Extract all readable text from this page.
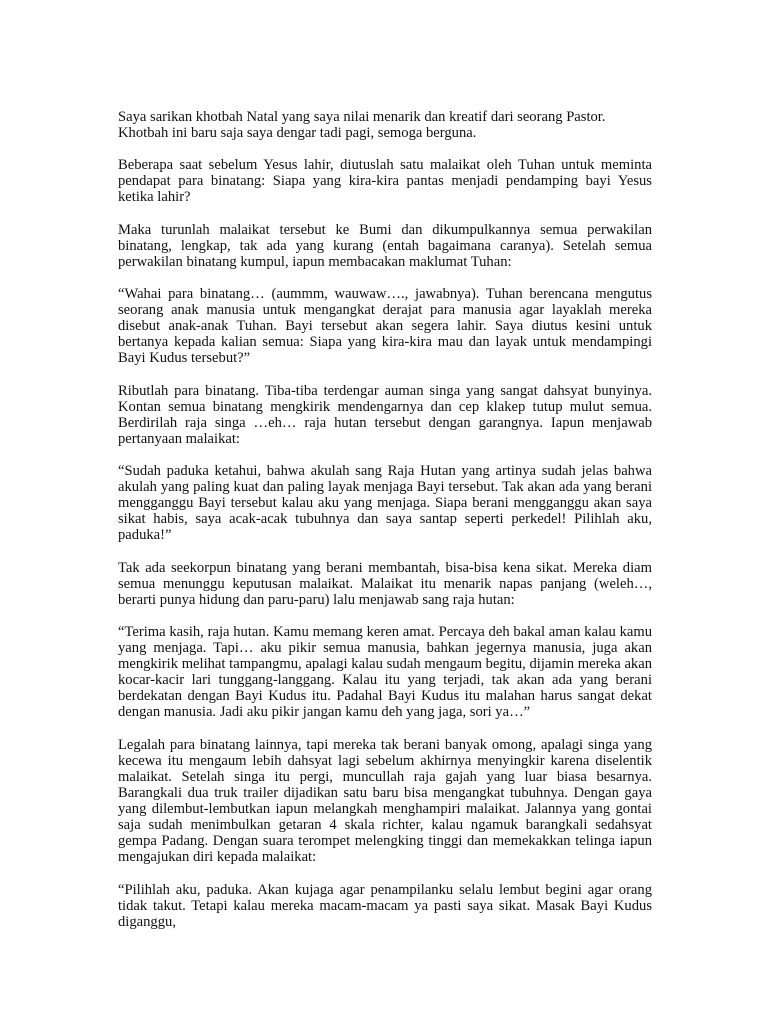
Saya sarikan khotbah Natal yang saya nilai menarik dan kreatif dari seorang Pastor. Khotbah ini baru saja saya dengar tadi pagi, semoga berguna.

Beberapa saat sebelum Yesus lahir, diutuslah satu malaikat oleh Tuhan untuk meminta pendapat para binatang: Siapa yang kira-kira pantas menjadi pendamping bayi Yesus ketika lahir?

Maka turunlah malaikat tersebut ke Bumi dan dikumpulkannya semua perwakilan binatang, lengkap, tak ada yang kurang (entah bagaimana caranya). Setelah semua perwakilan binatang kumpul, iapun membacakan maklumat Tuhan:

“Wahai para binatang… (aummm, wauwaw…., jawabnya). Tuhan berencana mengutus seorang anak manusia untuk mengangkat derajat para manusia agar layaklah mereka disebut anak-anak Tuhan. Bayi tersebut akan segera lahir. Saya diutus kesini untuk bertanya kepada kalian semua: Siapa yang kira-kira mau dan layak untuk mendampingi Bayi Kudus tersebut?”

Ributlah para binatang. Tiba-tiba terdengar auman singa yang sangat dahsyat bunyinya. Kontan semua binatang mengkirik mendengarnya dan cep klakep tutup mulut semua. Berdirilah raja singa …eh… raja hutan tersebut dengan garangnya. Iapun menjawab pertanyaan malaikat:

“Sudah paduka ketahui, bahwa akulah sang Raja Hutan yang artinya sudah jelas bahwa akulah yang paling kuat dan paling layak menjaga Bayi tersebut. Tak akan ada yang berani mengganggu Bayi tersebut kalau aku yang menjaga. Siapa berani mengganggu akan saya sikat habis, saya acak-acak tubuhnya dan saya santap seperti perkedel! Pilihlah aku, paduka!”

Tak ada seekorpun binatang yang berani membantah, bisa-bisa kena sikat. Mereka diam semua menunggu keputusan malaikat. Malaikat itu menarik napas panjang (weleh…, berarti punya hidung dan paru-paru) lalu menjawab sang raja hutan:

“Terima kasih, raja hutan. Kamu memang keren amat. Percaya deh bakal aman kalau kamu yang menjaga. Tapi… aku pikir semua manusia, bahkan jegernya manusia, juga akan mengkirik melihat tampangmu, apalagi kalau sudah mengaum begitu, dijamin mereka akan kocar-kacir lari tunggang-langgang. Kalau itu yang terjadi, tak akan ada yang berani berdekatan dengan Bayi Kudus itu. Padahal Bayi Kudus itu malahan harus sangat dekat dengan manusia. Jadi aku pikir jangan kamu deh yang jaga, sori ya…”

Legalah para binatang lainnya, tapi mereka tak berani banyak omong, apalagi singa yang kecewa itu mengaum lebih dahsyat lagi sebelum akhirnya menyingkir karena diselentik malaikat. Setelah singa itu pergi, muncullah raja gajah yang luar biasa besarnya. Barangkali dua truk trailer dijadikan satu baru bisa mengangkat tubuhnya. Dengan gaya yang dilembut-lembutkan iapun melangkah menghampiri malaikat. Jalannya yang gontai saja sudah menimbulkan getaran 4 skala richter, kalau ngamuk barangkali sedahsyat gempa Padang. Dengan suara terompet melengking tinggi dan memekakkan telinga iapun mengajukan diri kepada malaikat:

“Pilihlah aku, paduka. Akan kujaga agar penampilanku selalu lembut begini agar orang tidak takut. Tetapi kalau mereka macam-macam ya pasti saya sikat. Masak Bayi Kudus diganggu,
